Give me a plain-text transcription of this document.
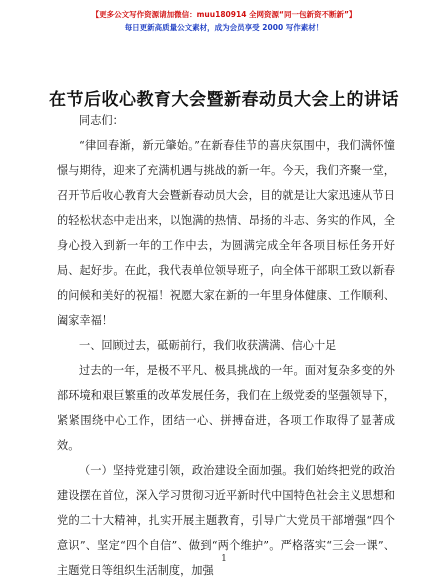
【更多公文写作资源请加微信：muu180914 全网资源“同一包新资不断新”】
每日更新高质量公文素材，成为会员享受 2000 写作素材！
在节后收心教育大会暨新春动员大会上的讲话

同志们：

“律回春渐，新元肇始。”在新春佳节的喜庆氛围中，我们满怀憧憬与期待，迎来了充满机遇与挑战的新一年。今天，我们齐聚一堂，召开节后收心教育大会暨新春动员大会，目的就是让大家迅速从节日的轻松状态中走出来，以饱满的热情、昂扬的斗志、务实的作风，全身心投入到新一年的工作中去，为圆满完成全年各项目标任务开好局、起好步。在此，我代表单位领导班子，向全体干部职工致以新春的问候和美好的祝福！祝愿大家在新的一年里身体健康、工作顺利、阖家幸福！

一、回顾过去，砥砺前行，我们收获满满、信心十足

过去的一年，是极不平凡、极具挑战的一年。面对复杂多变的外部环境和艰巨繁重的改革发展任务，我们在上级党委的坚强领导下，紧紧围绕中心工作，团结一心、拼搏奋进，各项工作取得了显著成效。

（一）坚持党建引领，政治建设全面加强。我们始终把党的政治建设摆在首位，深入学习贯彻习近平新时代中国特色社会主义思想和党的二十大精神，扎实开展主题教育，引导广大党员干部增强“四个意识”、坚定“四个自信”、做到“两个维护”。严格落实“三会一课”、主题党日等组织生活制度，加强

1
